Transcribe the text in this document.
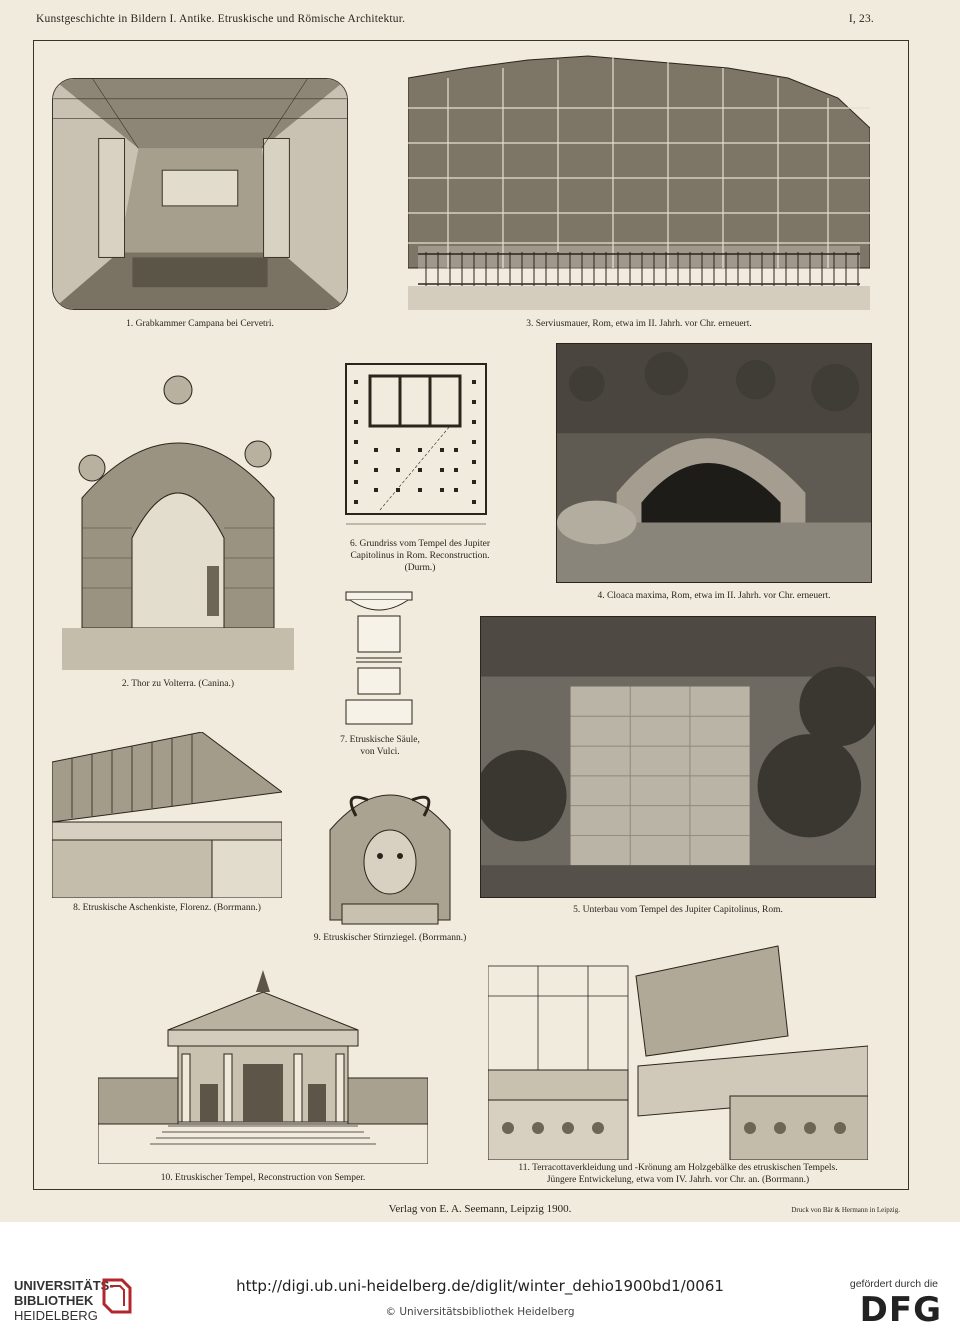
Kunstgeschichte in Bildern I. Antike. Etruskische und Römische Architektur.	I, 23.
1. Grabkammer Campana bei Cervetri.	3. Serviusmauer, Rom, etwa im II. Jahrh. vor Chr. erneuert.
2. Thor zu Volterra. (Canina.)
6. Grundriss vom Tempel des Jupiter
Capitolinus in Rom. Reconstruction.
(Durm.)
4. Cloaca maxima, Rom, etwa im II. Jahrh. vor Chr. erneuert.
7. Etruskische Säule,
von Vulci.
5. Unterbau vom Tempel des Jupiter Capitolinus, Rom.
8. Etruskische Aschenkiste, Florenz. (Borrmann.)
9. Etruskischer Stirnziegel. (Borrmann.)
10. Etruskischer Tempel, Reconstruction von Semper.
11. Terracottaverkleidung und -Krönung am Holzgebälke des etruskischen Tempels.
Jüngere Entwickelung, etwa vom IV. Jahrh. vor Chr. an. (Borrmann.)
Verlag von E. A. Seemann, Leipzig 1900.	Druck von Bär & Hermann in Leipzig.
UNIVERSITÄTS-
BIBLIOTHEK
HEIDELBERG
http://digi.ub.uni-heidelberg.de/diglit/winter_dehio1900bd1/0061
© Universitätsbibliothek Heidelberg
gefördert durch die
DFG
